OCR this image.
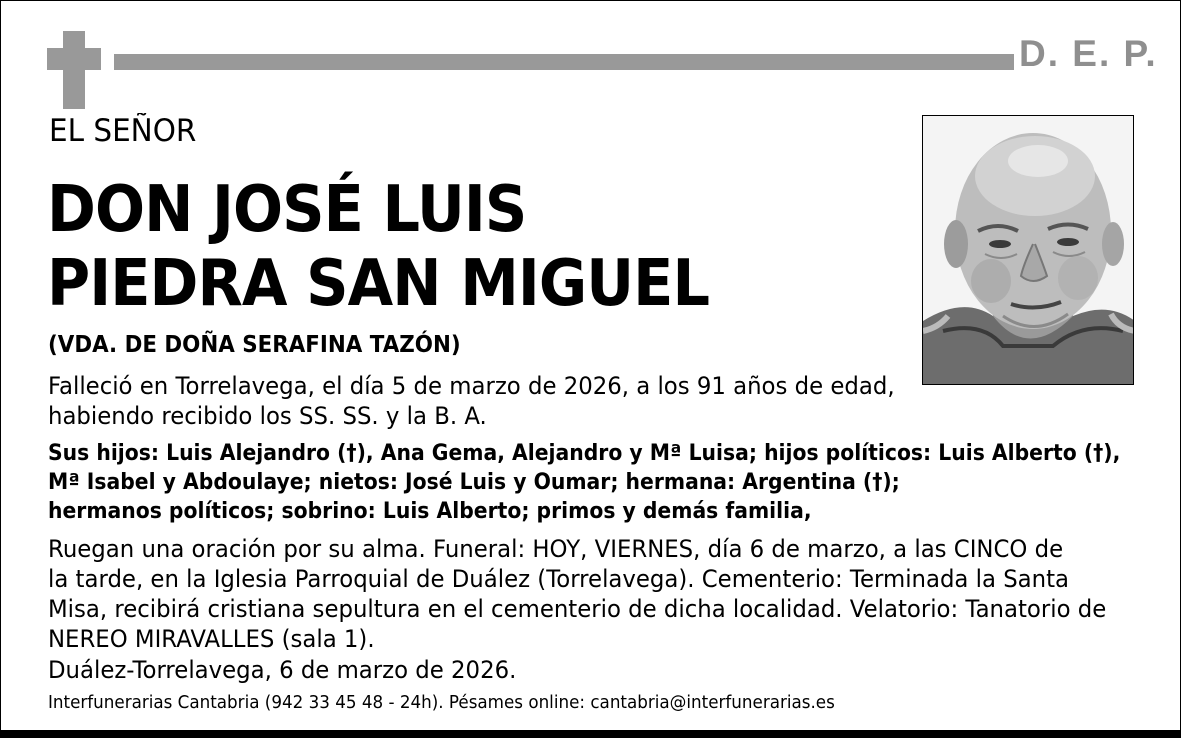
D. E. P.
EL SEÑOR
DON JOSÉ LUIS
PIEDRA SAN MIGUEL
(VDA. DE DOÑA SERAFINA TAZÓN)
Falleció en Torrelavega, el día 5 de marzo de 2026, a los 91 años de edad,
habiendo recibido los SS. SS. y la B. A.
Sus hijos: Luis Alejandro (†), Ana Gema, Alejandro y Mª Luisa; hijos políticos: Luis Alberto (†),
Mª Isabel y Abdoulaye; nietos: José Luis y Oumar; hermana: Argentina (†);
hermanos políticos; sobrino: Luis Alberto; primos y demás familia,
Ruegan una oración por su alma. Funeral: HOY, VIERNES, día 6 de marzo, a las CINCO de
la tarde, en la Iglesia Parroquial de Duález (Torrelavega). Cementerio: Terminada la Santa
Misa, recibirá cristiana sepultura en el cementerio de dicha localidad. Velatorio: Tanatorio de
NEREO MIRAVALLES (sala 1).
Duález-Torrelavega, 6 de marzo de 2026.
Interfunerarias Cantabria (942 33 45 48 - 24h). Pésames online: cantabria@interfunerarias.es
